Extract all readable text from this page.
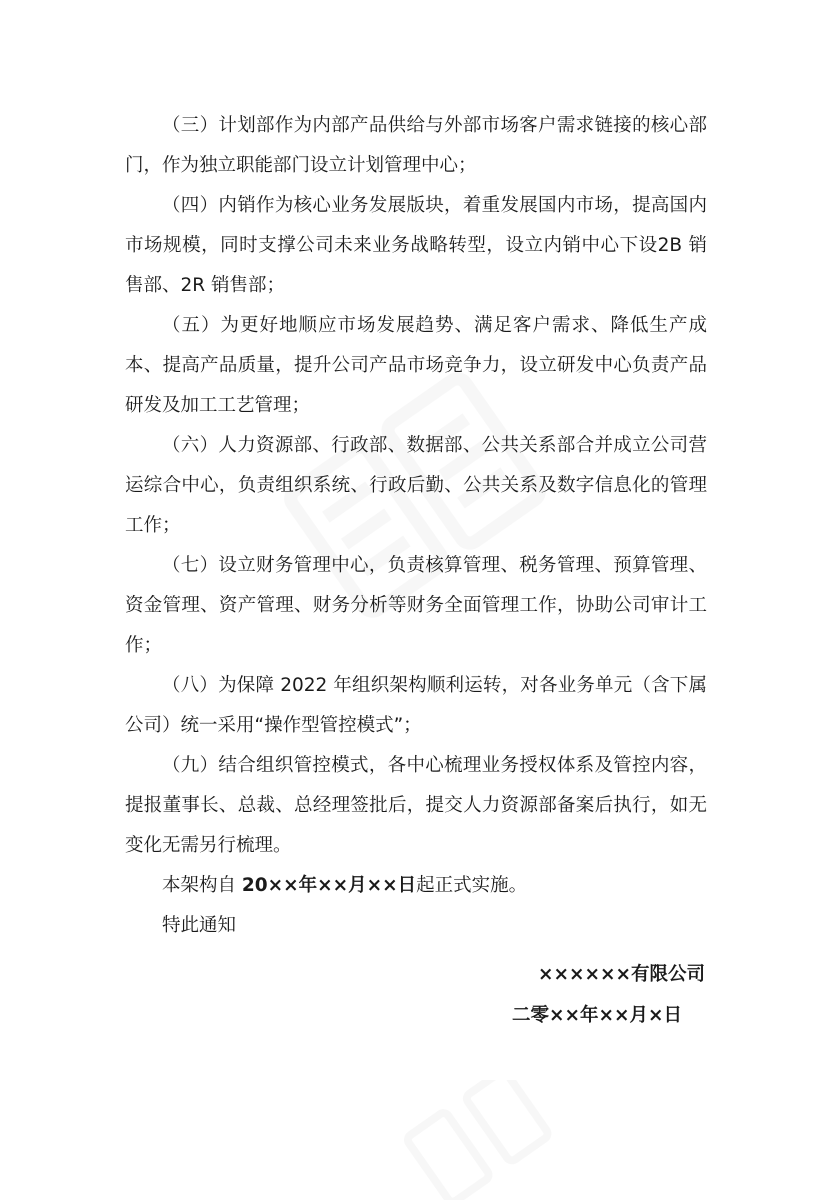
（三）计划部作为内部产品供给与外部市场客户需求链接的核心部门，作为独立职能部门设立计划管理中心；

（四）内销作为核心业务发展版块，着重发展国内市场，提高国内市场规模，同时支撑公司未来业务战略转型，设立内销中心下设2B 销售部、2R 销售部；

（五）为更好地顺应市场发展趋势、满足客户需求、降低生产成本、提高产品质量，提升公司产品市场竞争力，设立研发中心负责产品研发及加工工艺管理；

（六）人力资源部、行政部、数据部、公共关系部合并成立公司营运综合中心，负责组织系统、行政后勤、公共关系及数字信息化的管理工作；

（七）设立财务管理中心，负责核算管理、税务管理、预算管理、资金管理、资产管理、财务分析等财务全面管理工作，协助公司审计工作；

（八）为保障 2022 年组织架构顺利运转，对各业务单元（含下属公司）统一采用“操作型管控模式”；

（九）结合组织管控模式，各中心梳理业务授权体系及管控内容，提报董事长、总裁、总经理签批后，提交人力资源部备案后执行，如无变化无需另行梳理。

本架构自 20××年××月××日起正式实施。

特此通知

××××××有限公司
二零××年××月×日
